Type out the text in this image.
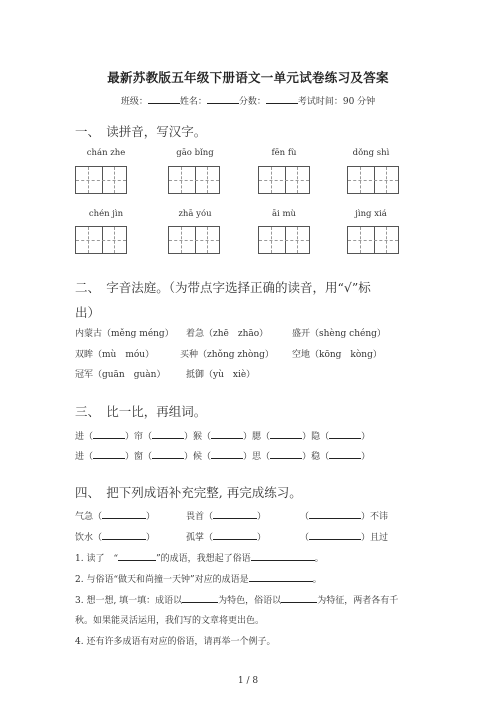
最新苏教版五年级下册语文一单元试卷练习及答案
班级：	姓名：	分数：	考试时间：90 分钟
一、　读拼音，写汉字。
chán zhe	gāo bǐng	fēn fù	dǒng shì
chén jìn	zhā yóu	āi mù	jìng xiá
二、　字音法庭。（为带点字选择正确的读音，用“√”标
出）
内蒙古（měng méng） 着急（zhē　zhāo）	盛开（shèng chéng）
双眸（mù　móu）	买种（zhǒng zhòng） 空地（kōng　kòng）
冠军（guān　guàn） 抵御（yù　xiè）
三、　比一比，再组词。
进（	）帘（	）猴（	）腮（	）隐（	）
进（	）窗（	）候（	）思（	）稳（	）
四、　把下列成语补充完整, 再完成练习。
气急（	）	畏首（	）	（	）不讳
饮水（	）	孤掌（	）	（	）且过
1. 读了　“	”的成语，我想起了俗语	。
2. 与俗语“做天和尚撞一天钟”对应的成语是	。
3. 想一想, 填一填：成语以	为特色，俗语以	为特征，两者各有千
秋。如果能灵活运用，我们写的文章将更出色。
4. 还有许多成语有对应的俗语，请再举一个例子。
1 / 8
